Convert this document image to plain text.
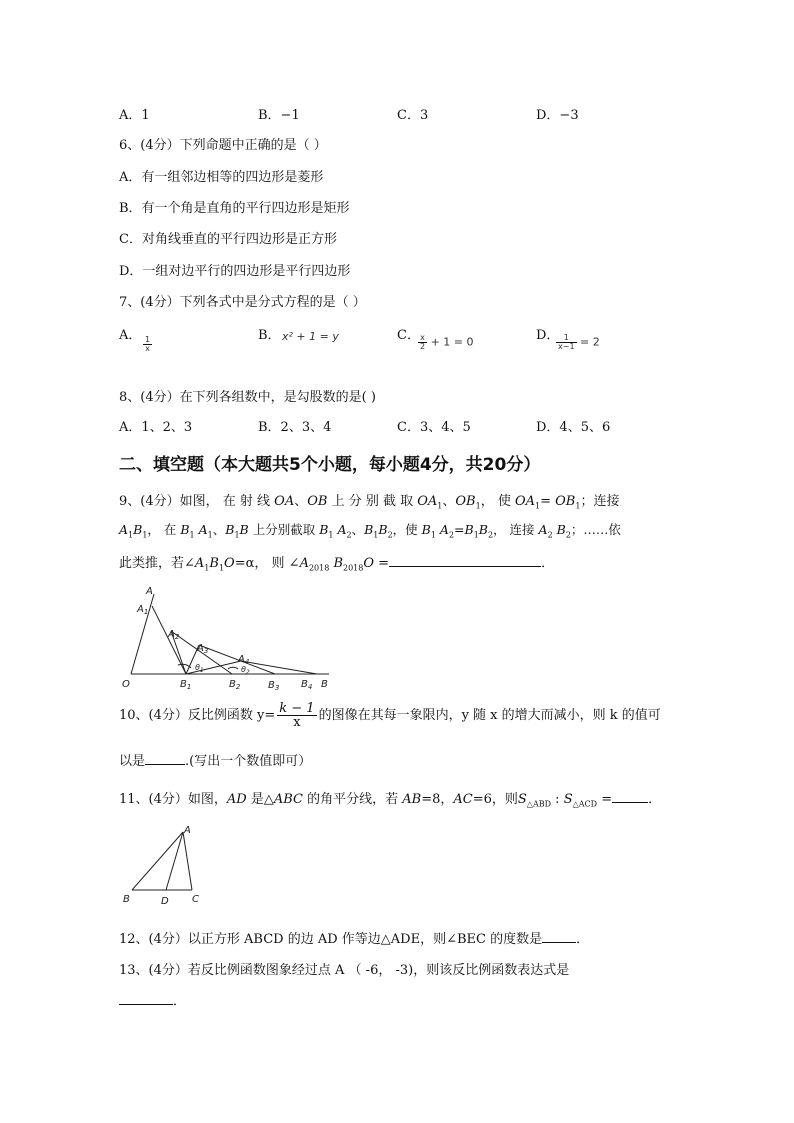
A．1	B．−1	C．3	D．−3
6、(4分）下列命题中正确的是（ ）
A．有一组邻边相等的四边形是菱形
B．有一个角是直角的平行四边形是矩形
C．对角线垂直的平行四边形是正方形
D．一组对边平行的四边形是平行四边形
7、(4分）下列各式中是分式方程的是（ ）
A．
$\frac{1}{x}$
B． x² + 1 = y	C．
$\frac{x}{2} + 1 = 0$	D．
$\frac{1}{x-1} = 2$
8、(4分）在下列各组数中，是勾股数的是( )
A．1、2、3	B．2、3、4	C．3、4、5	D．4、5、6
二、填空题（本大题共5个小题，每小题4分，共20分）
9、(4分）如图， 在 射 线 OA、OB 上 分 别 截 取 $OA_1$、$OB_1$， 使 $OA_1= OB_1$；连接
$A_1B_1$， 在 $B_1$ $A_1$、$B_1B$ 上分别截取 $B_1$ $A_2$、$B_1B_2$，使 $B_1$ $A_2=B_1B_2$， 连接 $A_2$ $B_2$；……依
此类推，若$\angle A_1B_1O=\alpha$， 则 $\angle A_{2018}$ $B_{2018}O$ =	．
A
$A_1$
$A_2$
$A_3$
$A_4$
$\theta_1$	$\theta_2$
O	$B_1$	$B_2$	$B_3$ $B_4$ B
10、(4分）反比例函数 $y= \frac{k - 1}{x}$ 的图像在其每一象限内，y 随 x 的增大而减小，则 k 的值可
以是	.(写出一个数值即可）
11、(4分）如图，AD 是△ABC 的角平分线，若 AB=8，AC=6，则$S_{\triangle ABD}$ : $S_{\triangle ACD}$ =	．
A
B	D C
12、(4分）以正方形 ABCD 的边 AD 作等边△ADE，则∠BEC 的度数是	．
13、(4分）若反比例函数图象经过点 A （ -6， -3)，则该反比例函数表达式是
．
